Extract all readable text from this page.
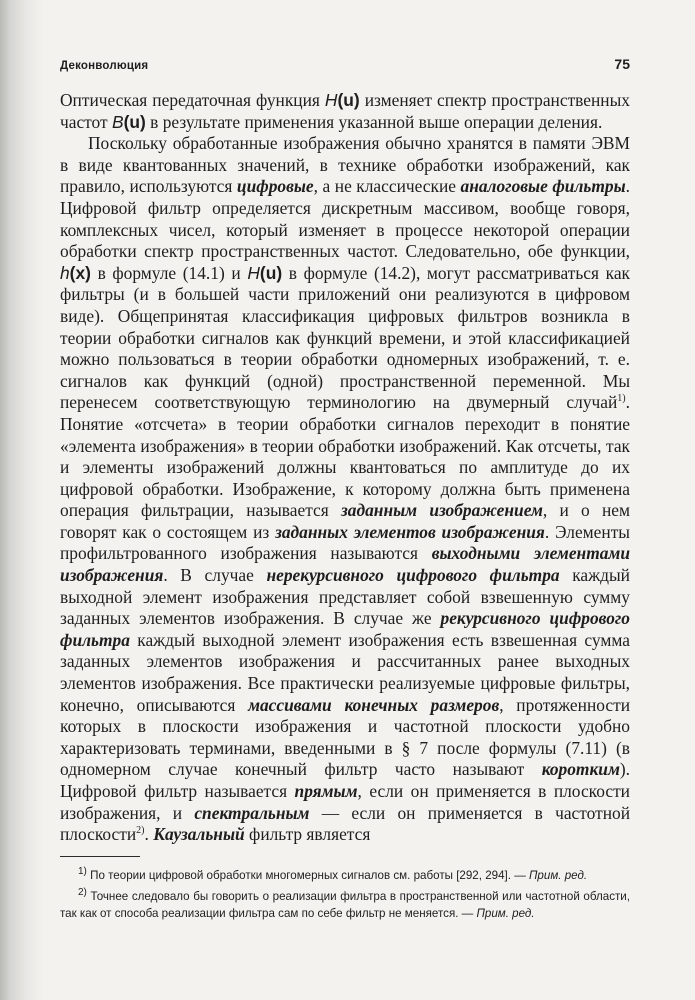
Деконволюция	75

Оптическая передаточная функция H(u) изменяет спектр пространственных частот B(u) в результате применения указанной выше операции деления.

Поскольку обработанные изображения обычно хранятся в памяти ЭВМ в виде квантованных значений, в технике обработки изображений, как правило, используются цифровые, а не классические аналоговые фильтры. Цифровой фильтр определяется дискретным массивом, вообще говоря, комплексных чисел, который изменяет в процессе некоторой операции обработки спектр пространственных частот. Следовательно, обе функции, h(x) в формуле (14.1) и H(u) в формуле (14.2), могут рассматриваться как фильтры (и в большей части приложений они реализуются в цифровом виде). Общепринятая классификация цифровых фильтров возникла в теории обработки сигналов как функций времени, и этой классификацией можно пользоваться в теории обработки одномерных изображений, т. е. сигналов как функций (одной) пространственной переменной. Мы перенесем соответствующую терминологию на двумерный случай$^{1)}$. Понятие «отсчета» в теории обработки сигналов переходит в понятие «элемента изображения» в теории обработки изображений. Как отсчеты, так и элементы изображений должны квантоваться по амплитуде до их цифровой обработки. Изображение, к которому должна быть применена операция фильтрации, называется заданным изображением, и о нем говорят как о состоящем из заданных элементов изображения. Элементы профильтрованного изображения называются выходными элементами изображения. В случае нерекурсивного цифрового фильтра каждый выходной элемент изображения представляет собой взвешенную сумму заданных элементов изображения. В случае же рекурсивного цифрового фильтра каждый выходной элемент изображения есть взвешенная сумма заданных элементов изображения и рассчитанных ранее выходных элементов изображения. Все практически реализуемые цифровые фильтры, конечно, описываются массивами конечных размеров, протяженности которых в плоскости изображения и частотной плоскости удобно характеризовать терминами, введенными в § 7 после формулы (7.11) (в одномерном случае конечный фильтр часто называют коротким). Цифровой фильтр называется прямым, если он применяется в плоскости изображения, и спектральным — если он применяется в частотной плоскости$^{2)}$. Каузальный фильтр является

$^{1)}$ По теории цифровой обработки многомерных сигналов см. работы [292, 294]. — Прим. ред.

$^{2)}$ Точнее следовало бы говорить о реализации фильтра в пространственной или частотной области, так как от способа реализации фильтра сам по себе фильтр не меняется. — Прим. ред.
